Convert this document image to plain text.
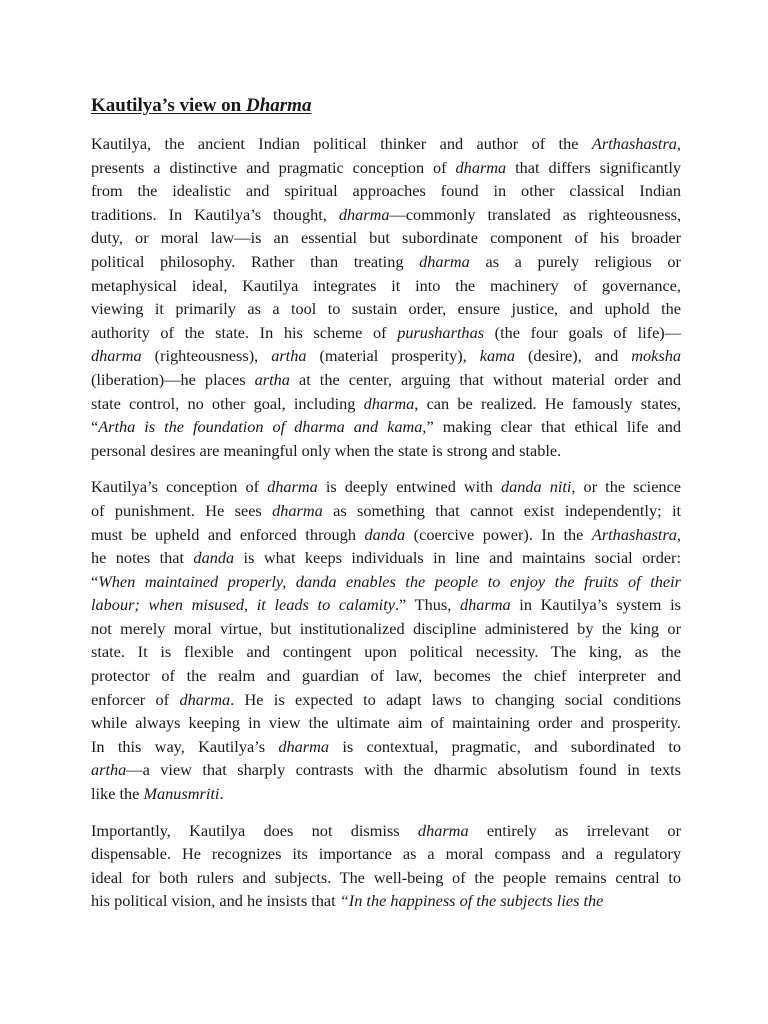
Kautilya’s view on Dharma

Kautilya, the ancient Indian political thinker and author of the Arthashastra,
presents a distinctive and pragmatic conception of dharma that differs significantly
from the idealistic and spiritual approaches found in other classical Indian
traditions. In Kautilya’s thought, dharma—commonly translated as righteousness,
duty, or moral law—is an essential but subordinate component of his broader
political philosophy. Rather than treating dharma as a purely religious or
metaphysical ideal, Kautilya integrates it into the machinery of governance,
viewing it primarily as a tool to sustain order, ensure justice, and uphold the
authority of the state. In his scheme of purusharthas (the four goals of life)—
dharma (righteousness), artha (material prosperity), kama (desire), and moksha
(liberation)—he places artha at the center, arguing that without material order and
state control, no other goal, including dharma, can be realized. He famously states,
“Artha is the foundation of dharma and kama,” making clear that ethical life and
personal desires are meaningful only when the state is strong and stable.

Kautilya’s conception of dharma is deeply entwined with danda niti, or the science
of punishment. He sees dharma as something that cannot exist independently; it
must be upheld and enforced through danda (coercive power). In the Arthashastra,
he notes that danda is what keeps individuals in line and maintains social order:
“When maintained properly, danda enables the people to enjoy the fruits of their
labour; when misused, it leads to calamity.” Thus, dharma in Kautilya’s system is
not merely moral virtue, but institutionalized discipline administered by the king or
state. It is flexible and contingent upon political necessity. The king, as the
protector of the realm and guardian of law, becomes the chief interpreter and
enforcer of dharma. He is expected to adapt laws to changing social conditions
while always keeping in view the ultimate aim of maintaining order and prosperity.
In this way, Kautilya’s dharma is contextual, pragmatic, and subordinated to
artha—a view that sharply contrasts with the dharmic absolutism found in texts
like the Manusmriti.

Importantly, Kautilya does not dismiss dharma entirely as irrelevant or
dispensable. He recognizes its importance as a moral compass and a regulatory
ideal for both rulers and subjects. The well-being of the people remains central to
his political vision, and he insists that “In the happiness of the subjects lies the
